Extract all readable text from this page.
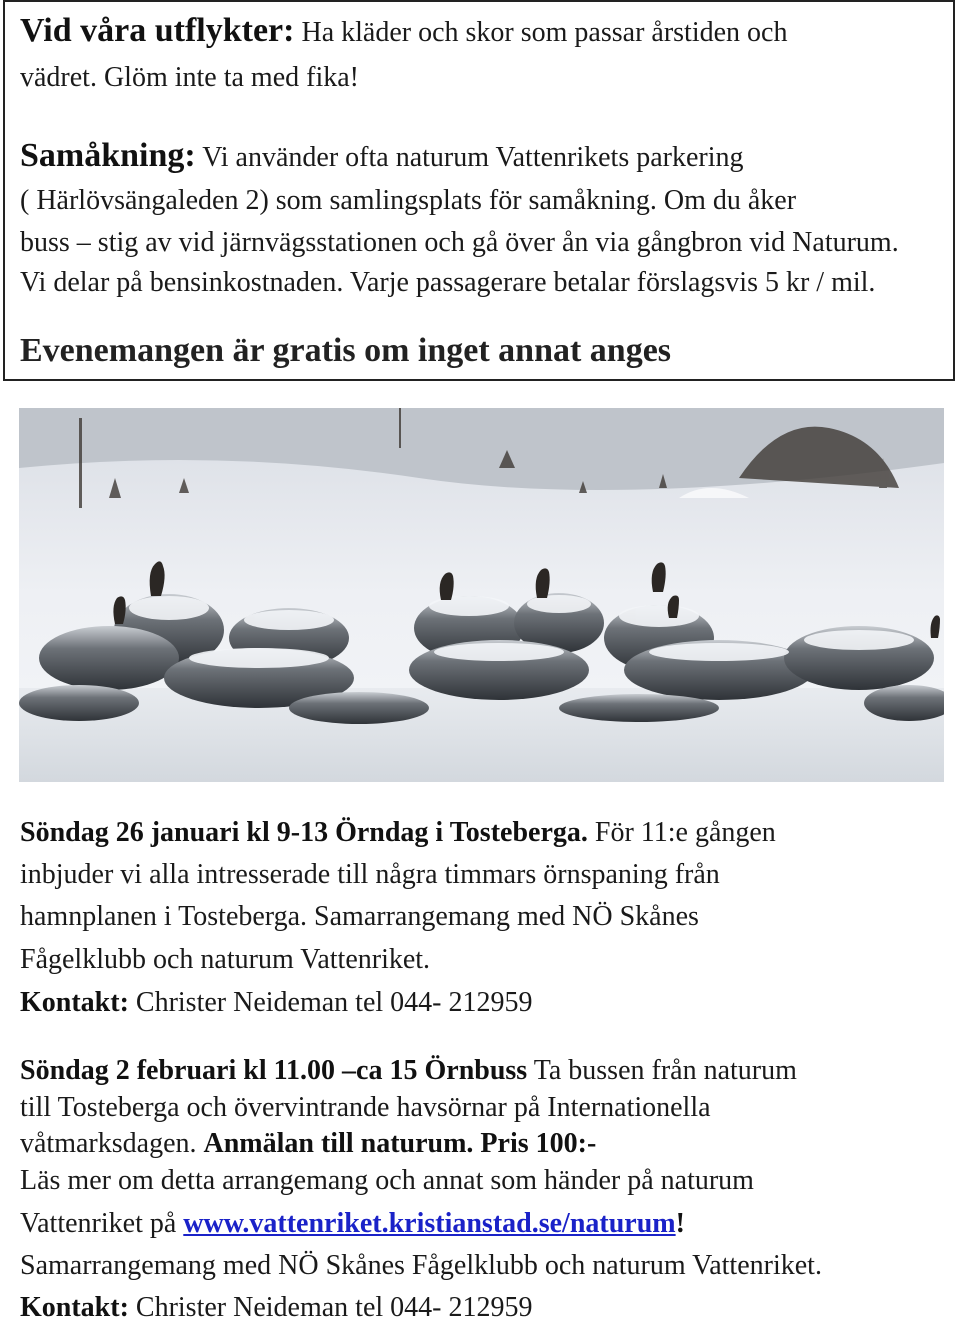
Vid våra utflykter: Ha kläder och skor som passar årstiden och
vädret. Glöm inte ta med fika!
Samåkning: Vi använder ofta naturum Vattenrikets parkering
( Härlövsängaleden 2) som samlingsplats för samåkning. Om du åker
buss – stig av vid järnvägsstationen och gå över ån via gångbron vid Naturum.
Vi delar på bensinkostnaden. Varje passagerare betalar förslagsvis 5 kr / mil.
Evenemangen är gratis om inget annat anges
Söndag 26 januari kl 9-13 Örndag i Tosteberga. För 11:e gången
inbjuder vi alla intresserade till några timmars örnspaning från
hamnplanen i Tosteberga. Samarrangemang med NÖ Skånes
Fågelklubb och naturum Vattenriket.
Kontakt: Christer Neideman tel 044- 212959
Söndag 2 februari kl 11.00 –ca 15 Örnbuss Ta bussen från naturum
till Tosteberga och övervintrande havsörnar på Internationella
våtmarksdagen. Anmälan till naturum. Pris 100:-
Läs mer om detta arrangemang och annat som händer på naturum
Vattenriket på www.vattenriket.kristianstad.se/naturum!
Samarrangemang med NÖ Skånes Fågelklubb och naturum Vattenriket.
Kontakt: Christer Neideman tel 044- 212959
